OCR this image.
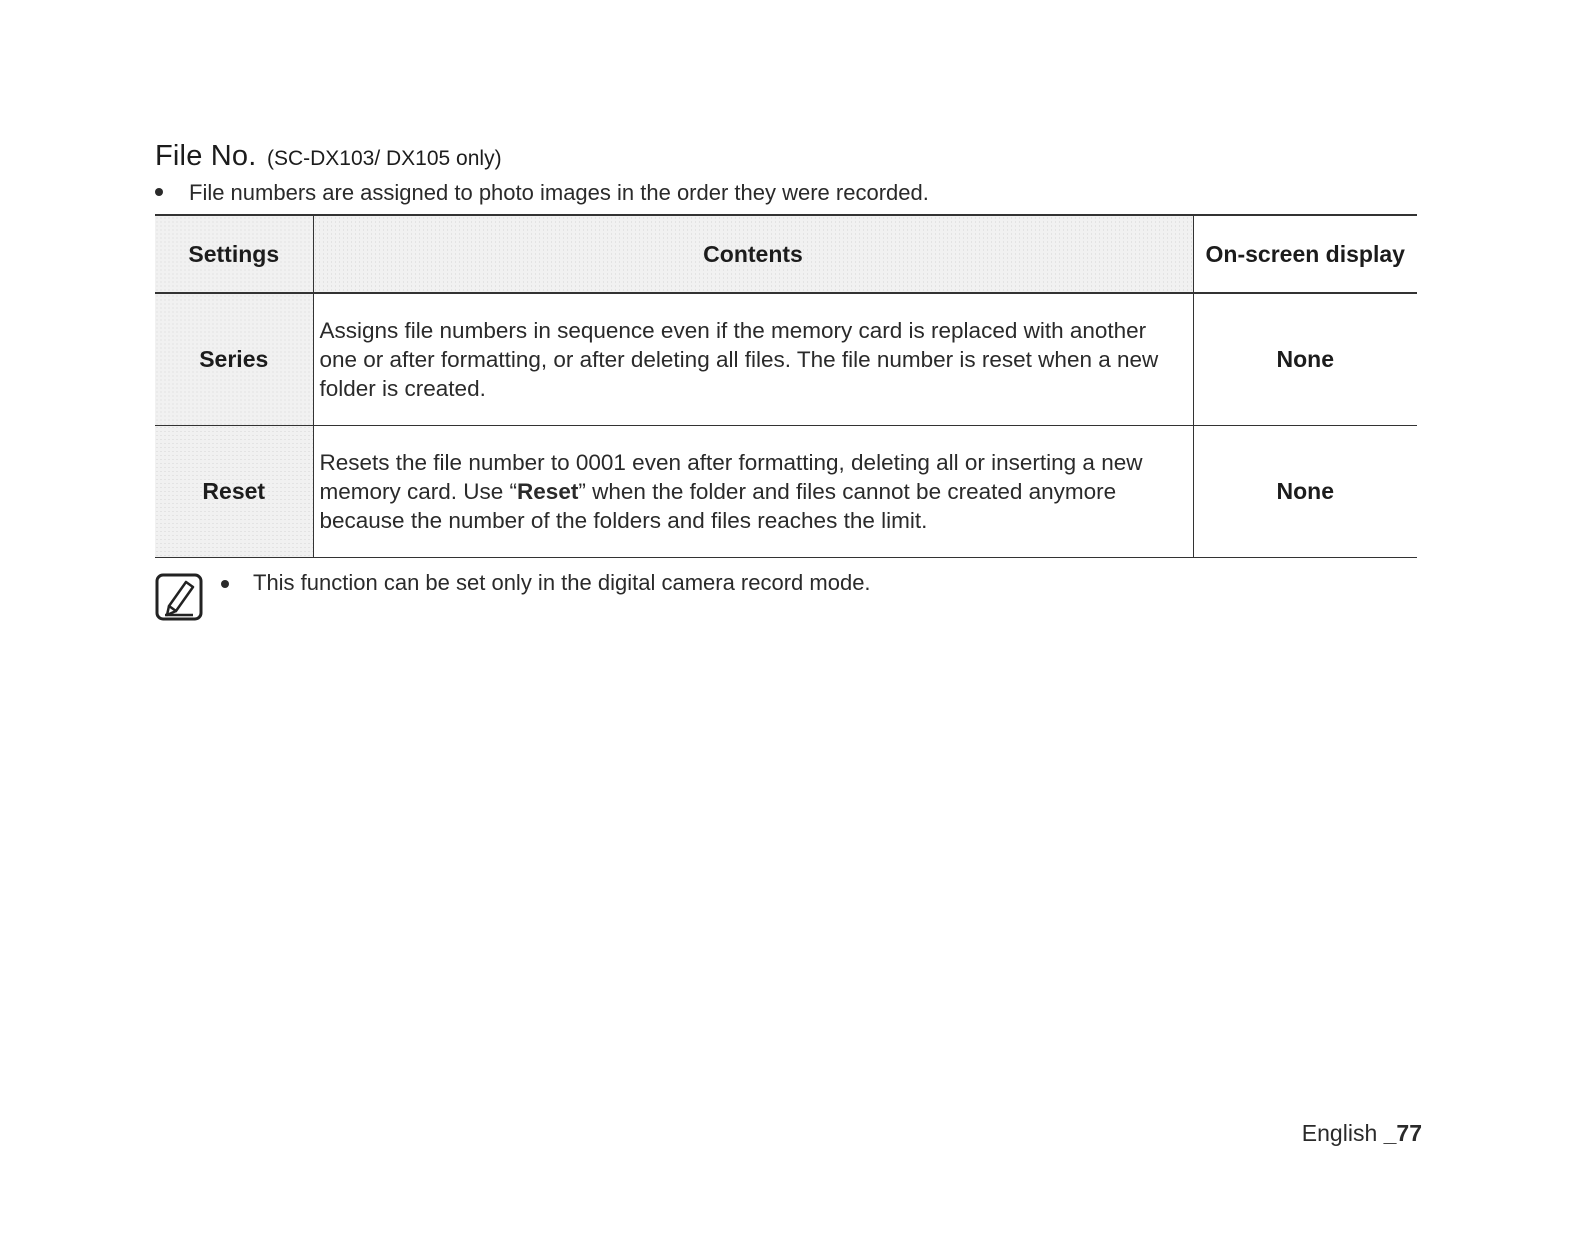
File No. (SC-DX103/ DX105 only)
File numbers are assigned to photo images in the order they were recorded.
Settings	Contents	On-screen display
Series	Assigns file numbers in sequence even if the memory card is replaced with another one or after formatting, or after deleting all files. The file number is reset when a new folder is created.	None
Reset	Resets the file number to 0001 even after formatting, deleting all or inserting a new memory card. Use “Reset” when the folder and files cannot be created anymore because the number of the folders and files reaches the limit.	None
This function can be set only in the digital camera record mode.
English _77
